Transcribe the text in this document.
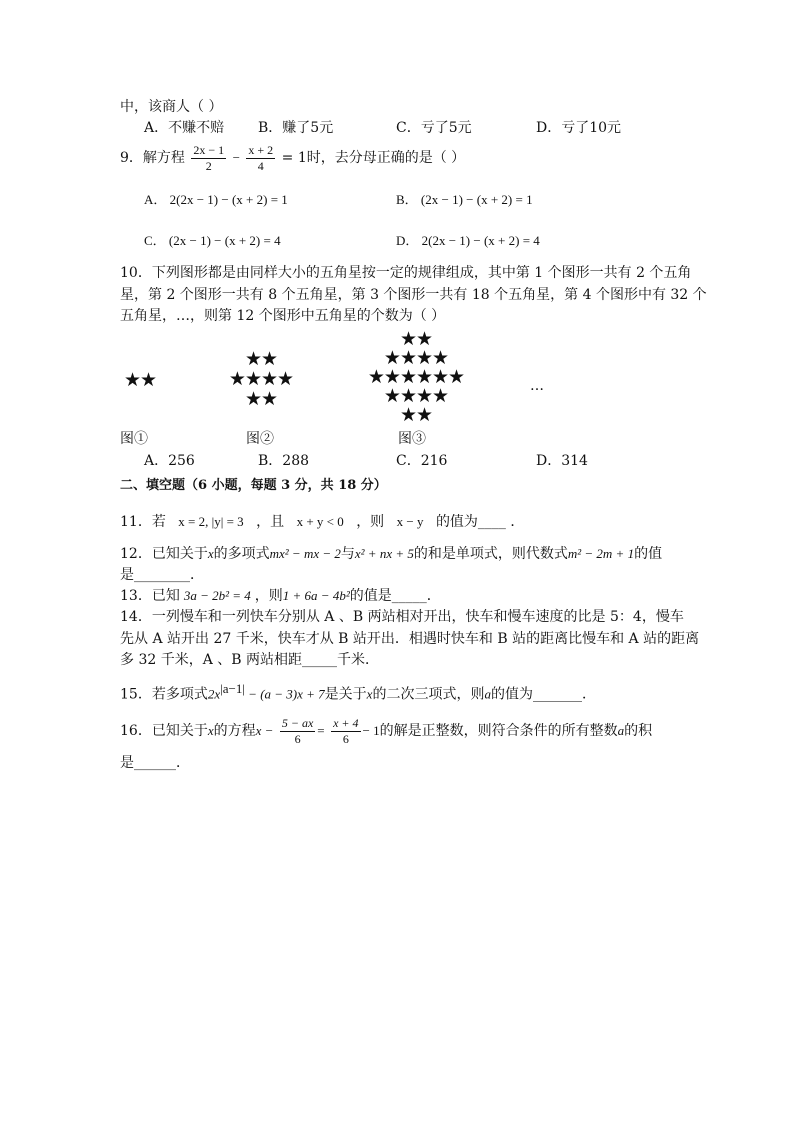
中，该商人（ ）
A．不赚不赔 B．赚了5元	C．亏了5元	D．亏了10元
9．解方程 $\frac{2x - 1}{2} - \frac{x + 2}{4} = 1$时，去分母正确的是（ ）
A． 2(2x − 1) − (x + 2) = 1	B． (2x − 1) − (x + 2) = 1
C． (2x − 1) − (x + 2) = 4	D． 2(2x − 1) − (x + 2) = 4
10．下列图形都是由同样大小的五角星按一定的规律组成，其中第 1 个图形一共有 2 个五角
星，第 2 个图形一共有 8 个五角星，第 3 个图形一共有 18 个五角星，第 4 个图形中有 32 个
五角星，…，则第 12 个图形中五角星的个数为（ ）
★★
★★
★★★★
★★
★★
★★★★
★★★★★★
★★★★
★★
…
图①	图②	图③
A．256	B．288	C．216	D．314
二、填空题（6 小题，每题 3 分，共 18 分）
11．若 x = 2, |y| = 3 ，且 x + y < 0 ，则 x − y 的值为____ ．
12．已知关于x的多项式mx² − mx − 2与x² + nx + 5的和是单项式，则代数式m² − 2m + 1的值
是________．
13．已知 3a − 2b² = 4 ，则1 + 6a − 4b²的值是_____．
14．一列慢车和一列快车分别从 A 、B 两站相对开出，快车和慢车速度的比是 5：4，慢车
先从 A 站开出 27 千米，快车才从 B 站开出．相遇时快车和 B 站的距离比慢车和 A 站的距离
多 32 千米，A 、B 两站相距_____千米．
15．若多项式$2x^{|a-1|} - (a - 3)x + 7$是关于x的二次三项式，则a的值为_______．
16．已知关于x的方程$x - \frac{5 - ax}{6} = \frac{x + 4}{6} - 1$的解是正整数，则符合条件的所有整数a的积
是______．
